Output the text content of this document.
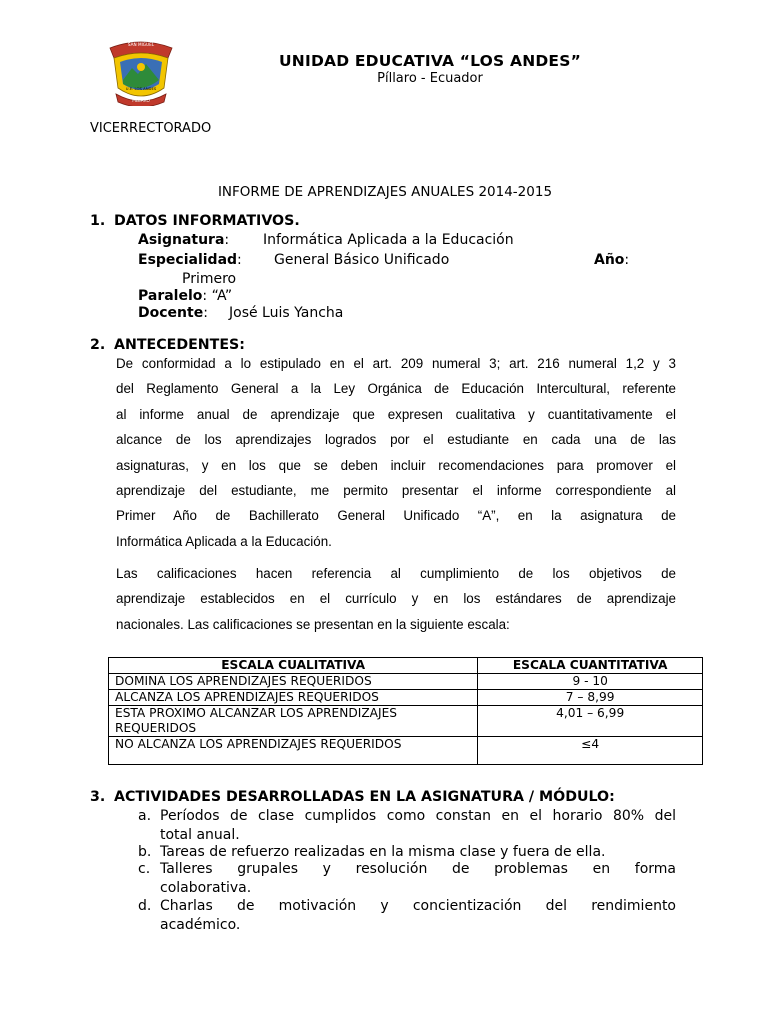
SAN MIGUEL
U.E. LOS ANDES
PÍLLARO
UNIDAD EDUCATIVA “LOS ANDES”
Píllaro - Ecuador
VICERRECTORADO
INFORME DE APRENDIZAJES ANUALES 2014-2015
1. DATOS INFORMATIVOS.
Asignatura: Informática Aplicada a la Educación
Especialidad: General Básico Unificado	Año:
Primero
Paralelo: “A”
Docente: José Luis Yancha
2. ANTECEDENTES:
De conformidad a lo estipulado en el art. 209 numeral 3; art. 216 numeral 1,2 y 3
del Reglamento General a la Ley Orgánica de Educación Intercultural, referente
al informe anual de aprendizaje que expresen cualitativa y cuantitativamente el
alcance de los aprendizajes logrados por el estudiante en cada una de las
asignaturas, y en los que se deben incluir recomendaciones para promover el
aprendizaje del estudiante, me permito presentar el informe correspondiente al
Primer Año de Bachillerato General Unificado “A”, en la asignatura de
Informática Aplicada a la Educación.
Las calificaciones hacen referencia al cumplimiento de los objetivos de
aprendizaje establecidos en el currículo y en los estándares de aprendizaje
nacionales. Las calificaciones se presentan en la siguiente escala:
ESCALA CUALITATIVA	ESCALA CUANTITATIVA
DOMINA LOS APRENDIZAJES REQUERIDOS	9 - 10
ALCANZA LOS APRENDIZAJES REQUERIDOS	7 – 8,99
ESTA PROXIMO ALCANZAR LOS APRENDIZAJES REQUERIDOS	4,01 – 6,99
NO ALCANZA LOS APRENDIZAJES REQUERIDOS	≤4
3. ACTIVIDADES DESARROLLADAS EN LA ASIGNATURA / MÓDULO:
a. Períodos de clase cumplidos como constan en el horario 80% del
total anual.
b. Tareas de refuerzo realizadas en la misma clase y fuera de ella.
c. Talleres grupales y resolución de problemas en forma
colaborativa.
d. Charlas de motivación y concientización del rendimiento
académico.
